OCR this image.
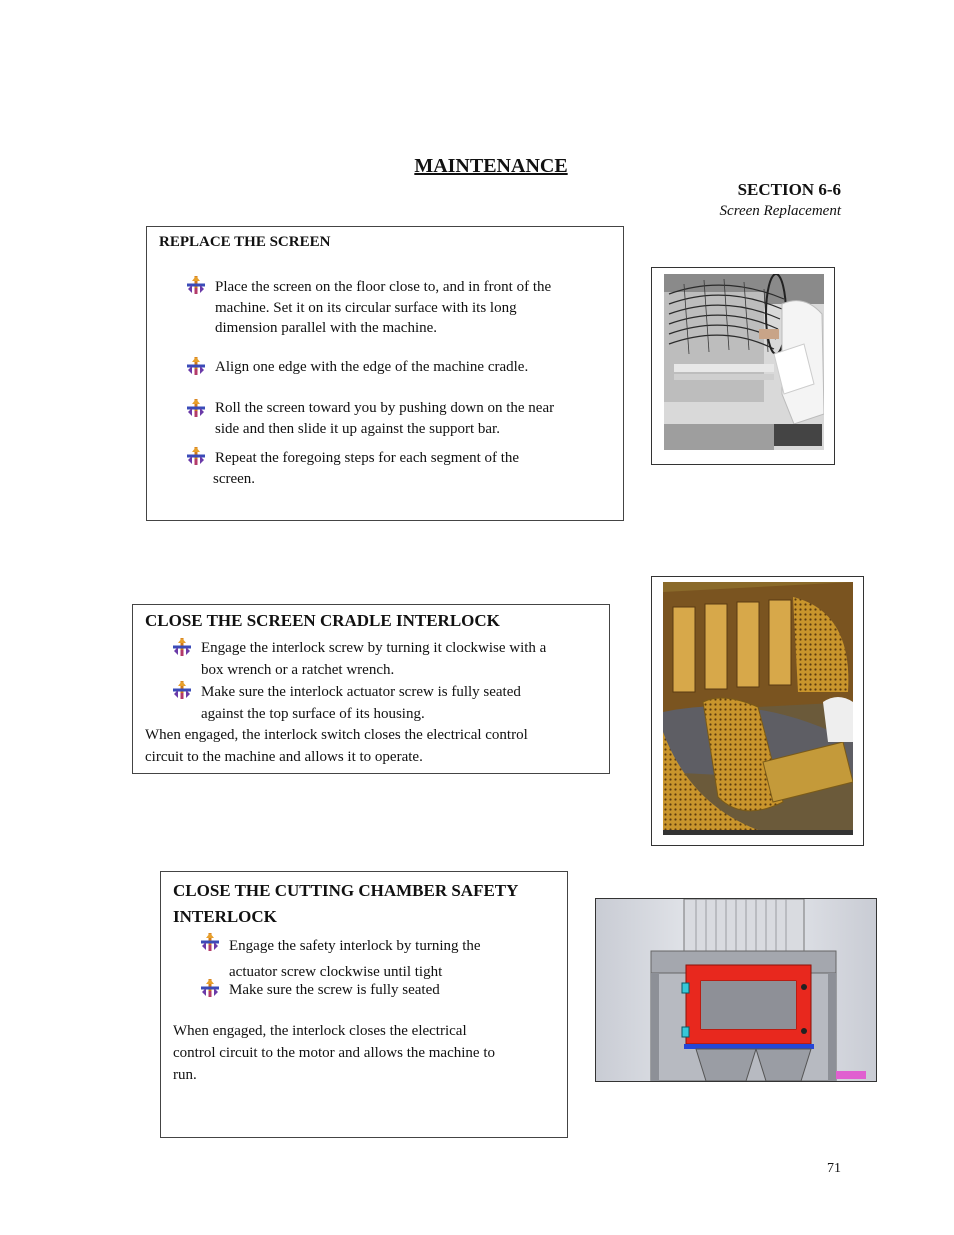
MAINTENANCE
SECTION 6-6
Screen Replacement
REPLACE THE SCREEN
Place the screen on the floor close to, and in front of the
machine. Set it on its circular surface with its long
dimension parallel with the machine.
Align one edge with the edge of the machine cradle.
Roll the screen toward you by pushing down on the near
side and then slide it up against the support bar.
Repeat the foregoing steps for each segment of the
screen.
CLOSE THE SCREEN CRADLE INTERLOCK
Engage the interlock screw by turning it clockwise with a
box wrench or a ratchet wrench.
Make sure the interlock actuator screw is fully seated
against the top surface of its housing.
When engaged, the interlock switch closes the electrical control
circuit to the machine and allows it to operate.
CLOSE THE CUTTING CHAMBER SAFETY
INTERLOCK
Engage the safety interlock by turning the
actuator screw clockwise until tight
Make sure the screw is fully seated
When engaged, the interlock closes the electrical
control circuit to the motor and allows the machine to
run.
71
